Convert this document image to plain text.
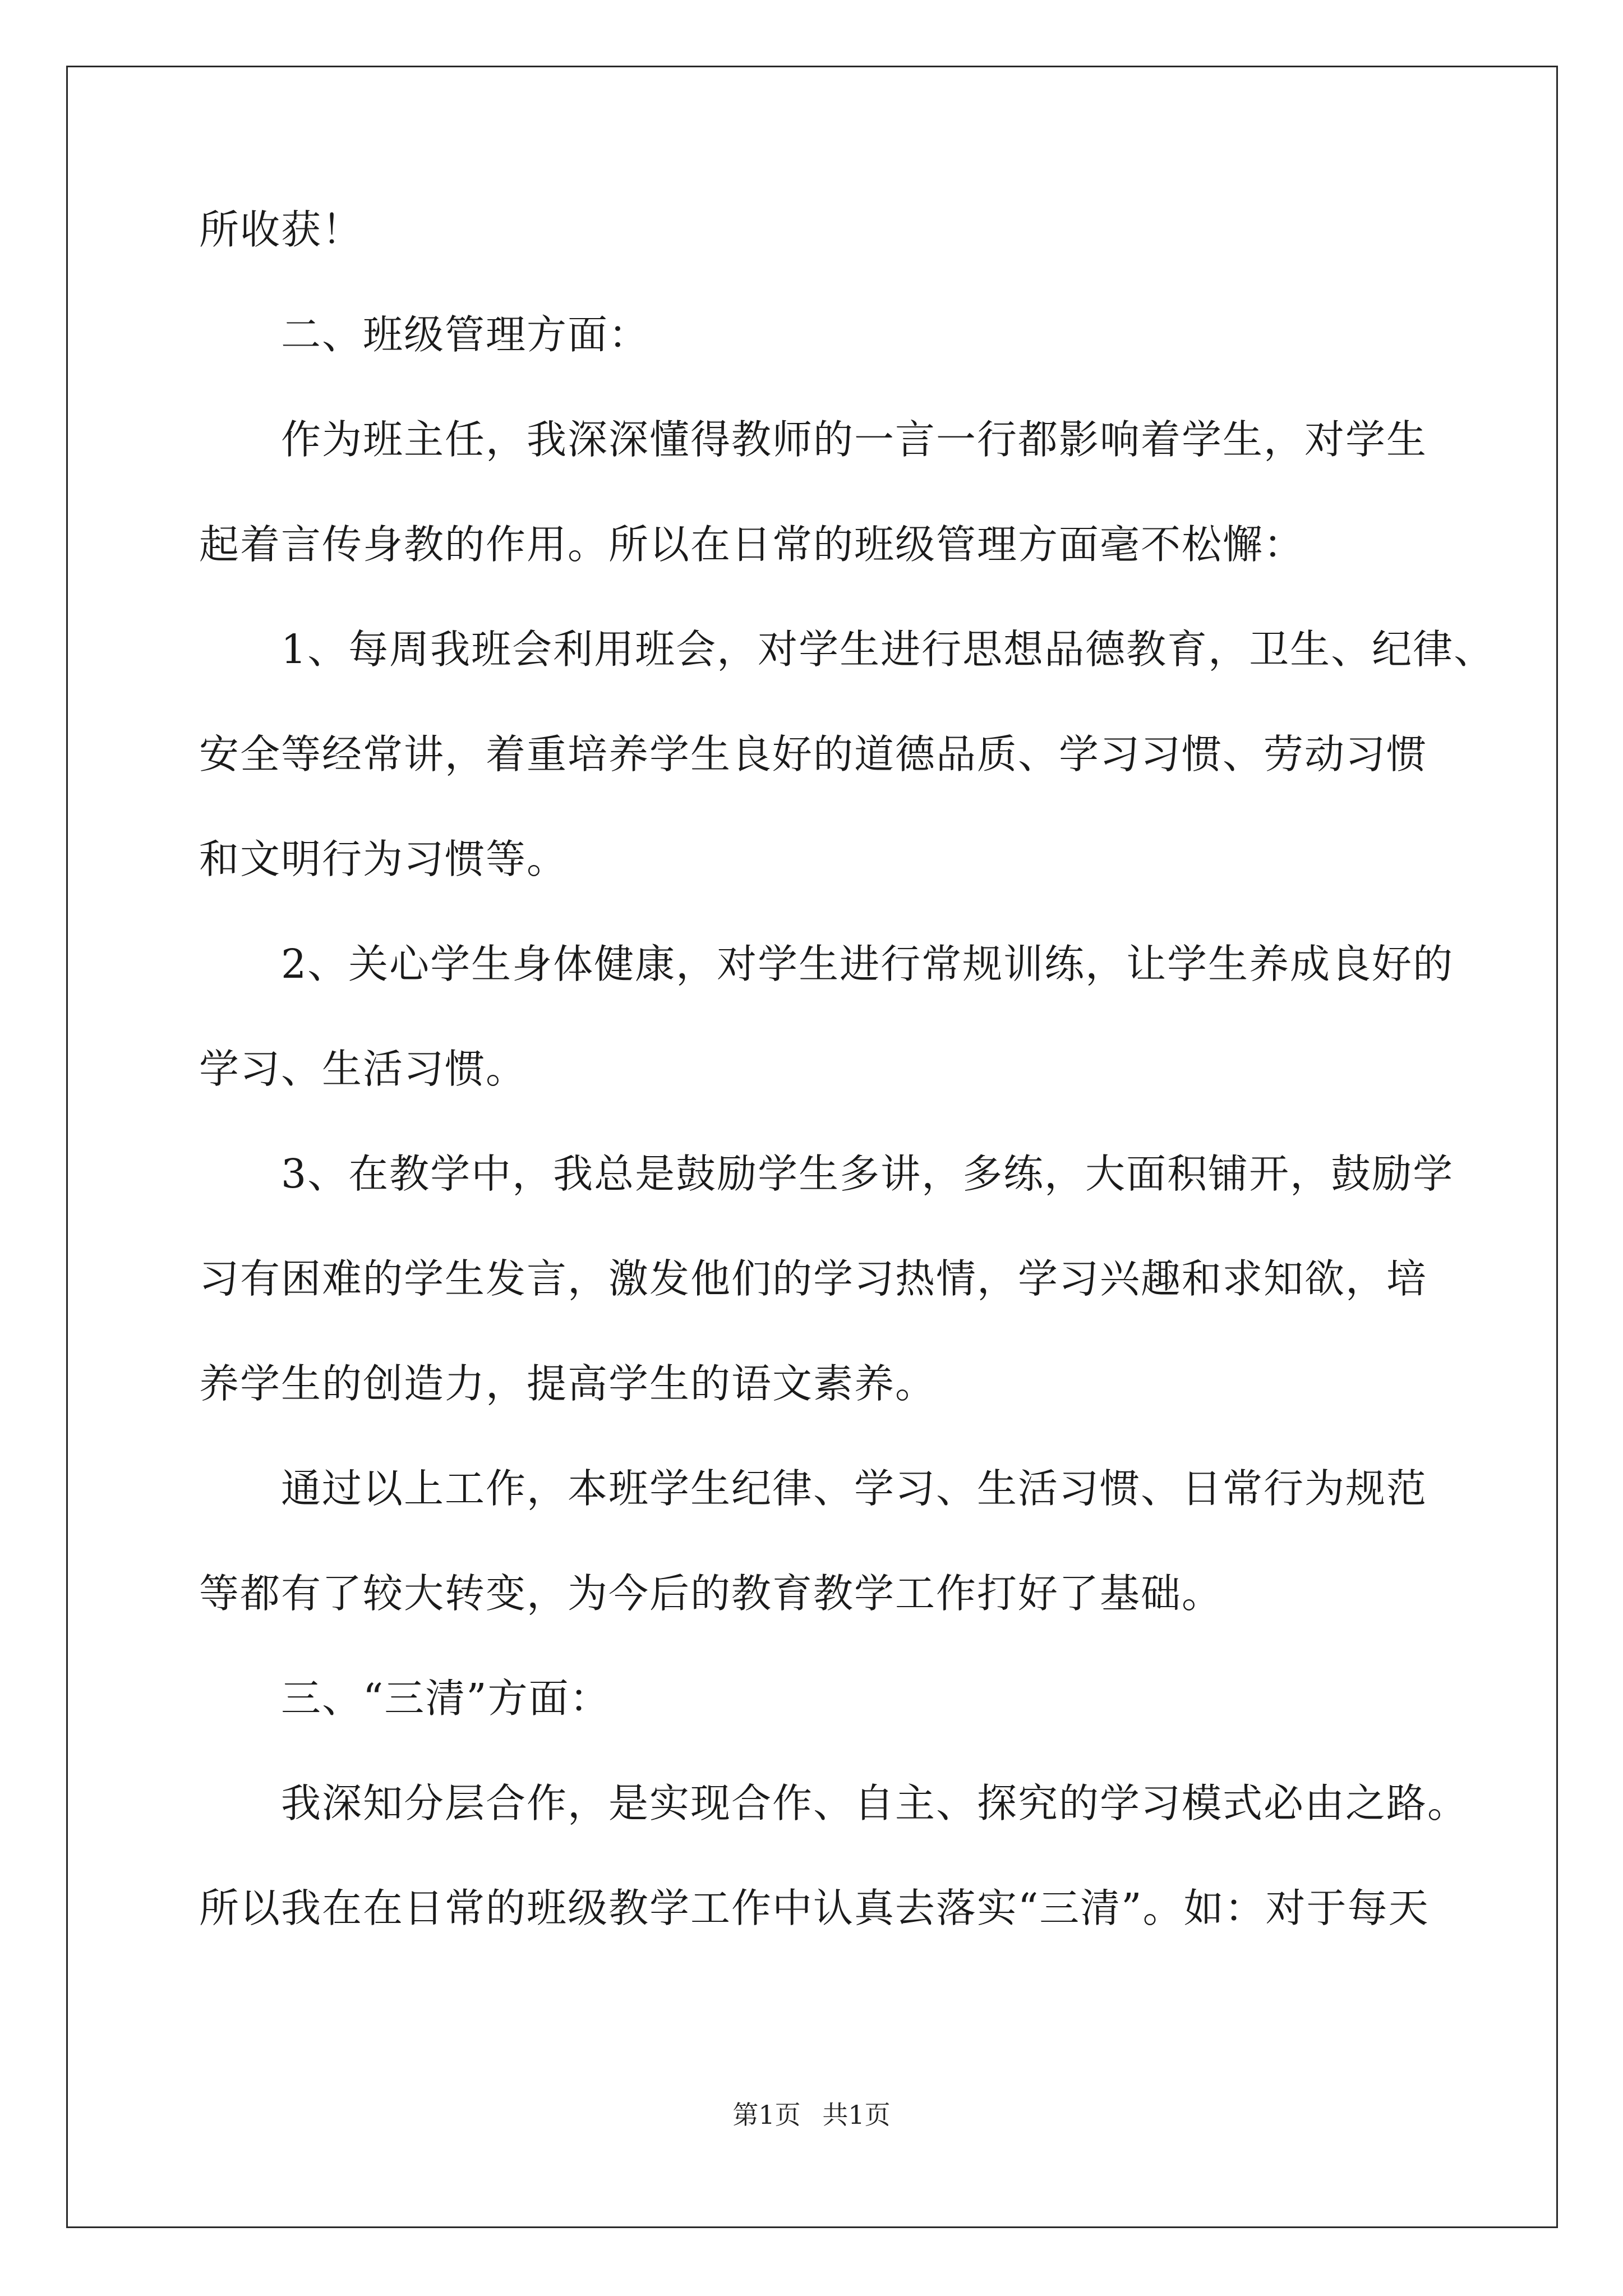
所收获！

　　二、班级管理方面：

　　作为班主任，我深深懂得教师的一言一行都影响着学生，对学生

起着言传身教的作用。所以在日常的班级管理方面毫不松懈：

　　1、每周我班会利用班会，对学生进行思想品德教育，卫生、纪律、

安全等经常讲，着重培养学生良好的道德品质、学习习惯、劳动习惯

和文明行为习惯等。

　　2、关心学生身体健康，对学生进行常规训练，让学生养成良好的

学习、生活习惯。

　　3、在教学中，我总是鼓励学生多讲，多练，大面积铺开，鼓励学

习有困难的学生发言，激发他们的学习热情，学习兴趣和求知欲，培

养学生的创造力，提高学生的语文素养。

　　通过以上工作，本班学生纪律、学习、生活习惯、日常行为规范

等都有了较大转变，为今后的教育教学工作打好了基础。

　　三、“三清”方面：

　　我深知分层合作，是实现合作、自主、探究的学习模式必由之路。

所以我在在日常的班级教学工作中认真去落实“三清”。如：对于每天

第1页 共1页
